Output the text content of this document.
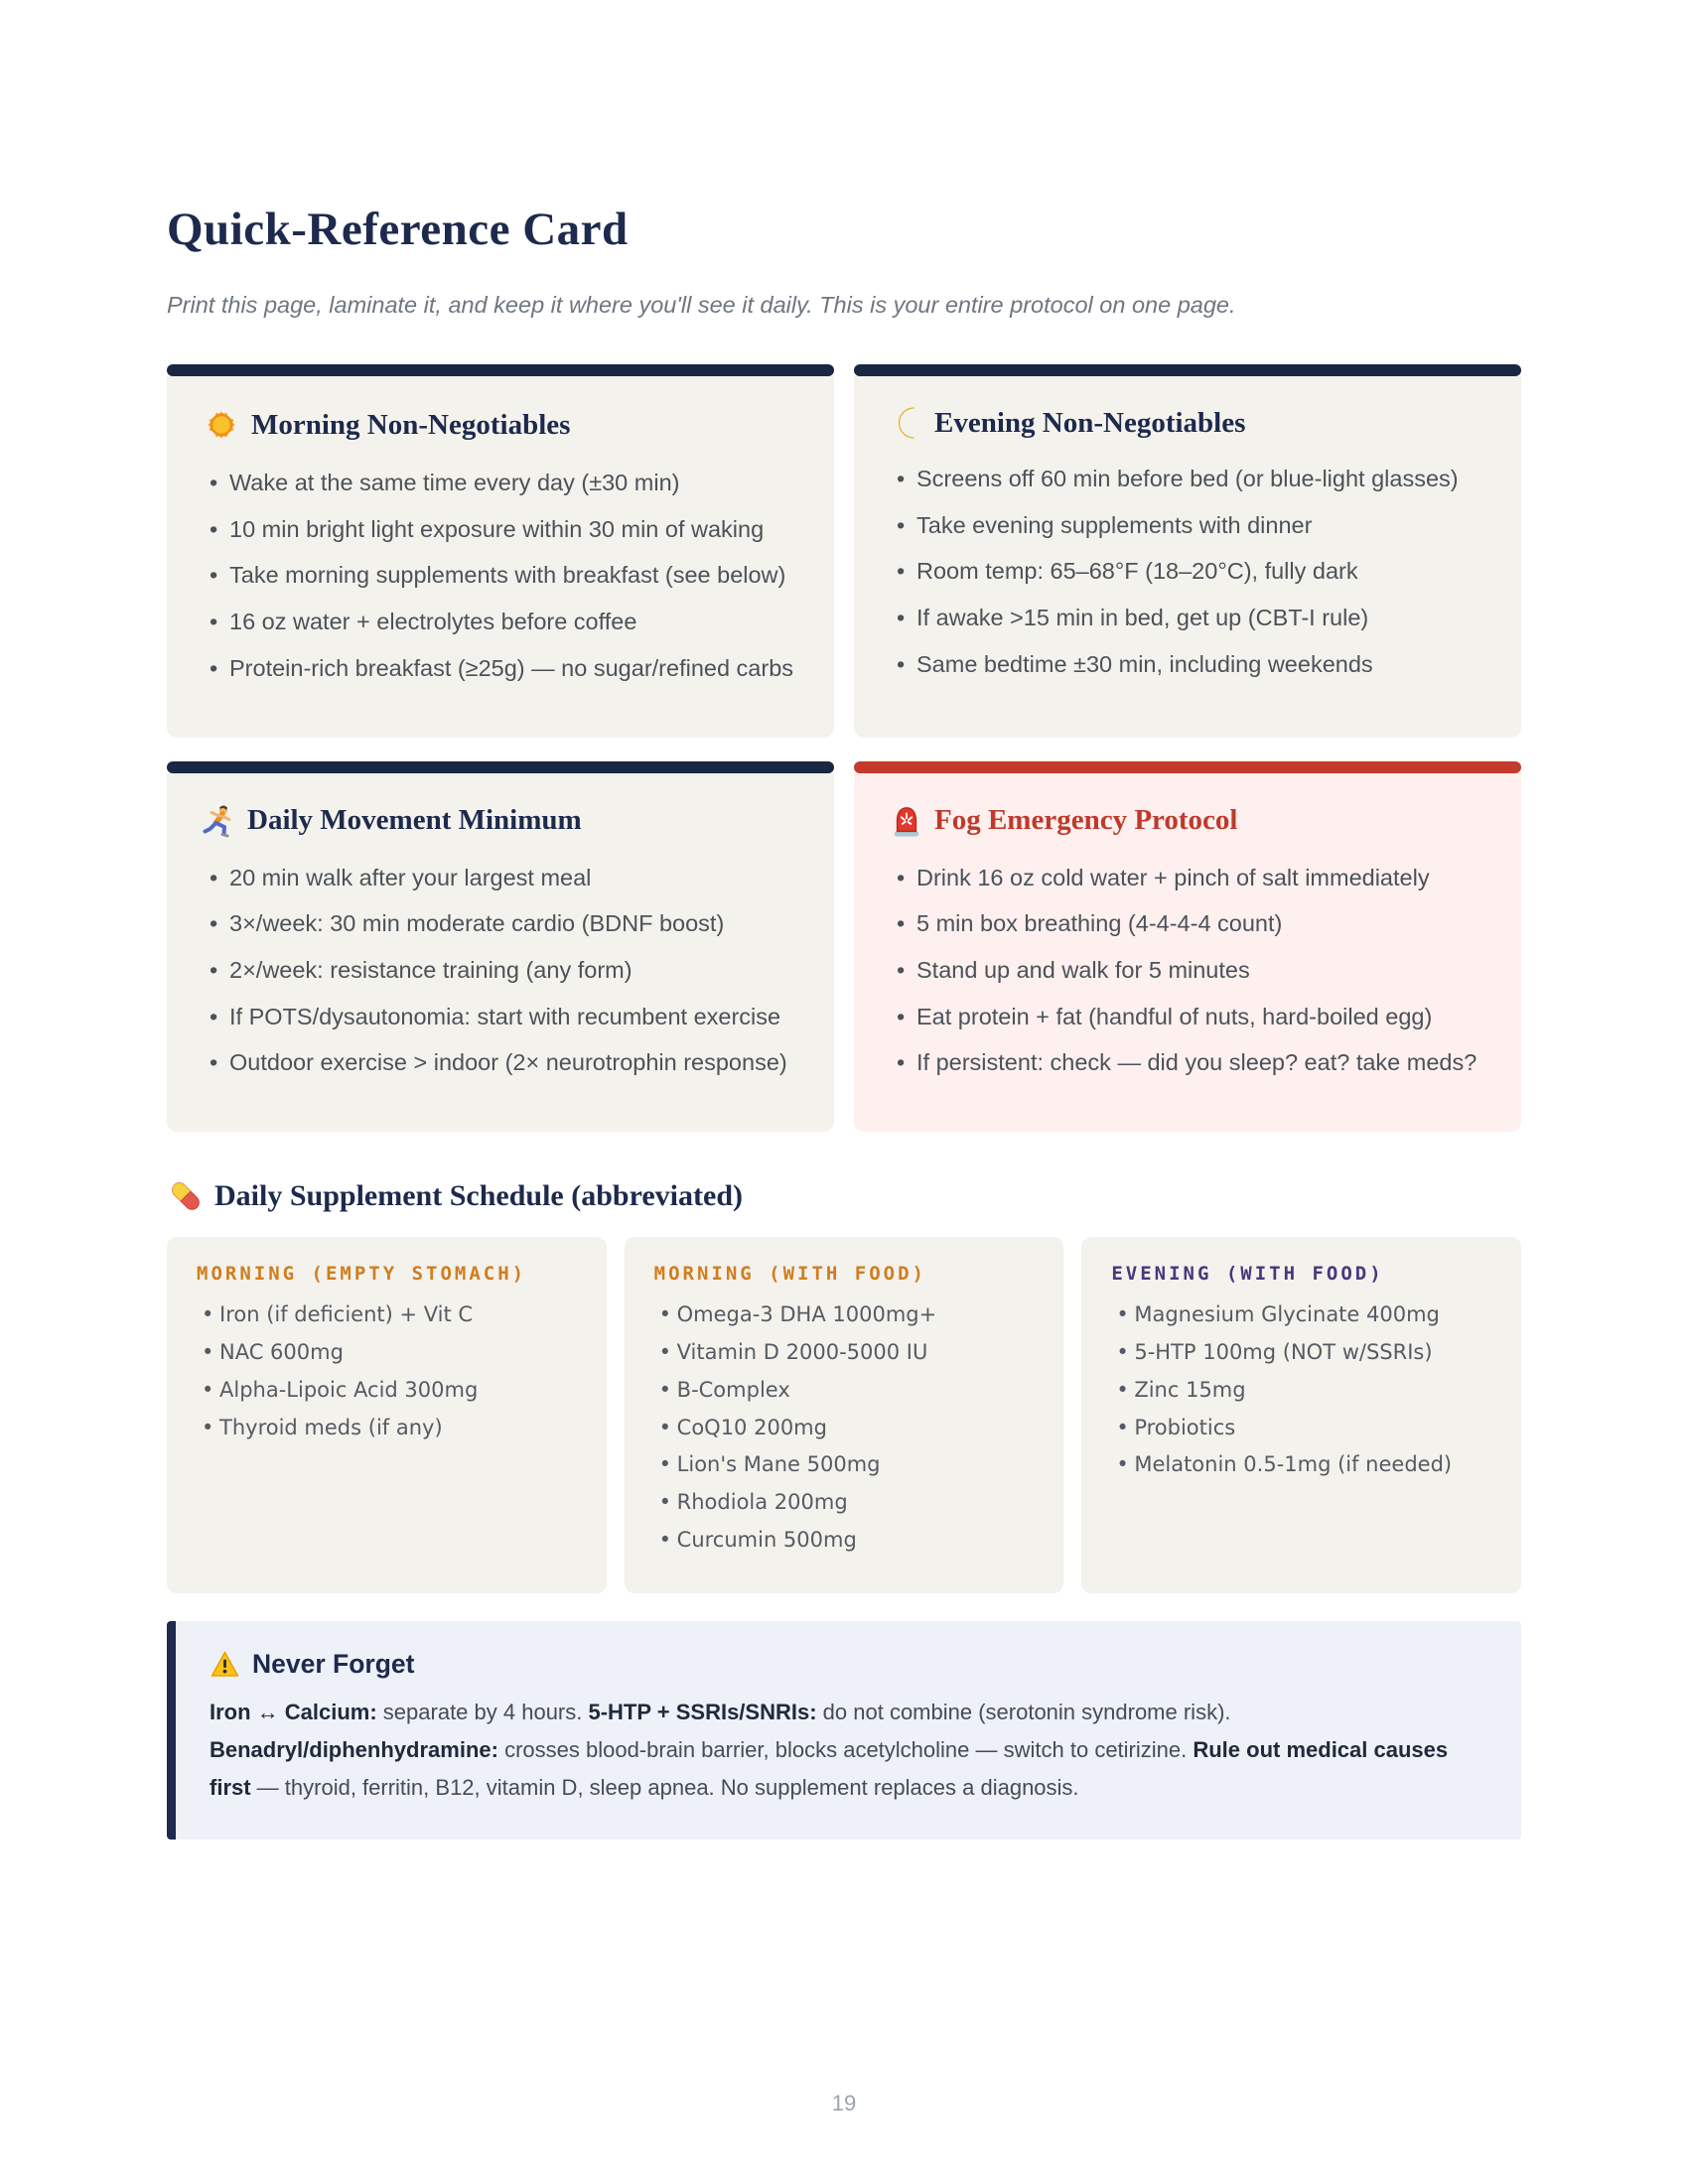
Quick-Reference Card

Print this page, laminate it, and keep it where you'll see it daily. This is your entire protocol on one page.

Morning Non-Negotiables
• Wake at the same time every day (±30 min)
• 10 min bright light exposure within 30 min of waking
• Take morning supplements with breakfast (see below)
• 16 oz water + electrolytes before coffee
• Protein-rich breakfast (≥25g) — no sugar/refined carbs
Evening Non-Negotiables
• Screens off 60 min before bed (or blue-light glasses)
• Take evening supplements with dinner
• Room temp: 65–68°F (18–20°C), fully dark
• If awake >15 min in bed, get up (CBT-I rule)
• Same bedtime ±30 min, including weekends
Daily Movement Minimum
• 20 min walk after your largest meal
• 3×/week: 30 min moderate cardio (BDNF boost)
• 2×/week: resistance training (any form)
• If POTS/dysautonomia: start with recumbent exercise
• Outdoor exercise > indoor (2× neurotrophin response)
Fog Emergency Protocol
• Drink 16 oz cold water + pinch of salt immediately
• 5 min box breathing (4-4-4-4 count)
• Stand up and walk for 5 minutes
• Eat protein + fat (handful of nuts, hard-boiled egg)
• If persistent: check — did you sleep? eat? take meds?
Daily Supplement Schedule (abbreviated)
MORNING (EMPTY STOMACH)
• Iron (if deficient) + Vit C
• NAC 600mg
• Alpha-Lipoic Acid 300mg
• Thyroid meds (if any)
MORNING (WITH FOOD)
• Omega-3 DHA 1000mg+
• Vitamin D 2000-5000 IU
• B-Complex
• CoQ10 200mg
• Lion's Mane 500mg
• Rhodiola 200mg
• Curcumin 500mg
EVENING (WITH FOOD)
• Magnesium Glycinate 400mg
• 5-HTP 100mg (NOT w/SSRIs)
• Zinc 15mg
• Probiotics
• Melatonin 0.5-1mg (if needed)
Never Forget

Iron ↔ Calcium: separate by 4 hours. 5-HTP + SSRIs/SNRIs: do not combine (serotonin syndrome risk). Benadryl/diphenhydramine: crosses blood-brain barrier, blocks acetylcholine — switch to cetirizine. Rule out medical causes first — thyroid, ferritin, B12, vitamin D, sleep apnea. No supplement replaces a diagnosis.

19
